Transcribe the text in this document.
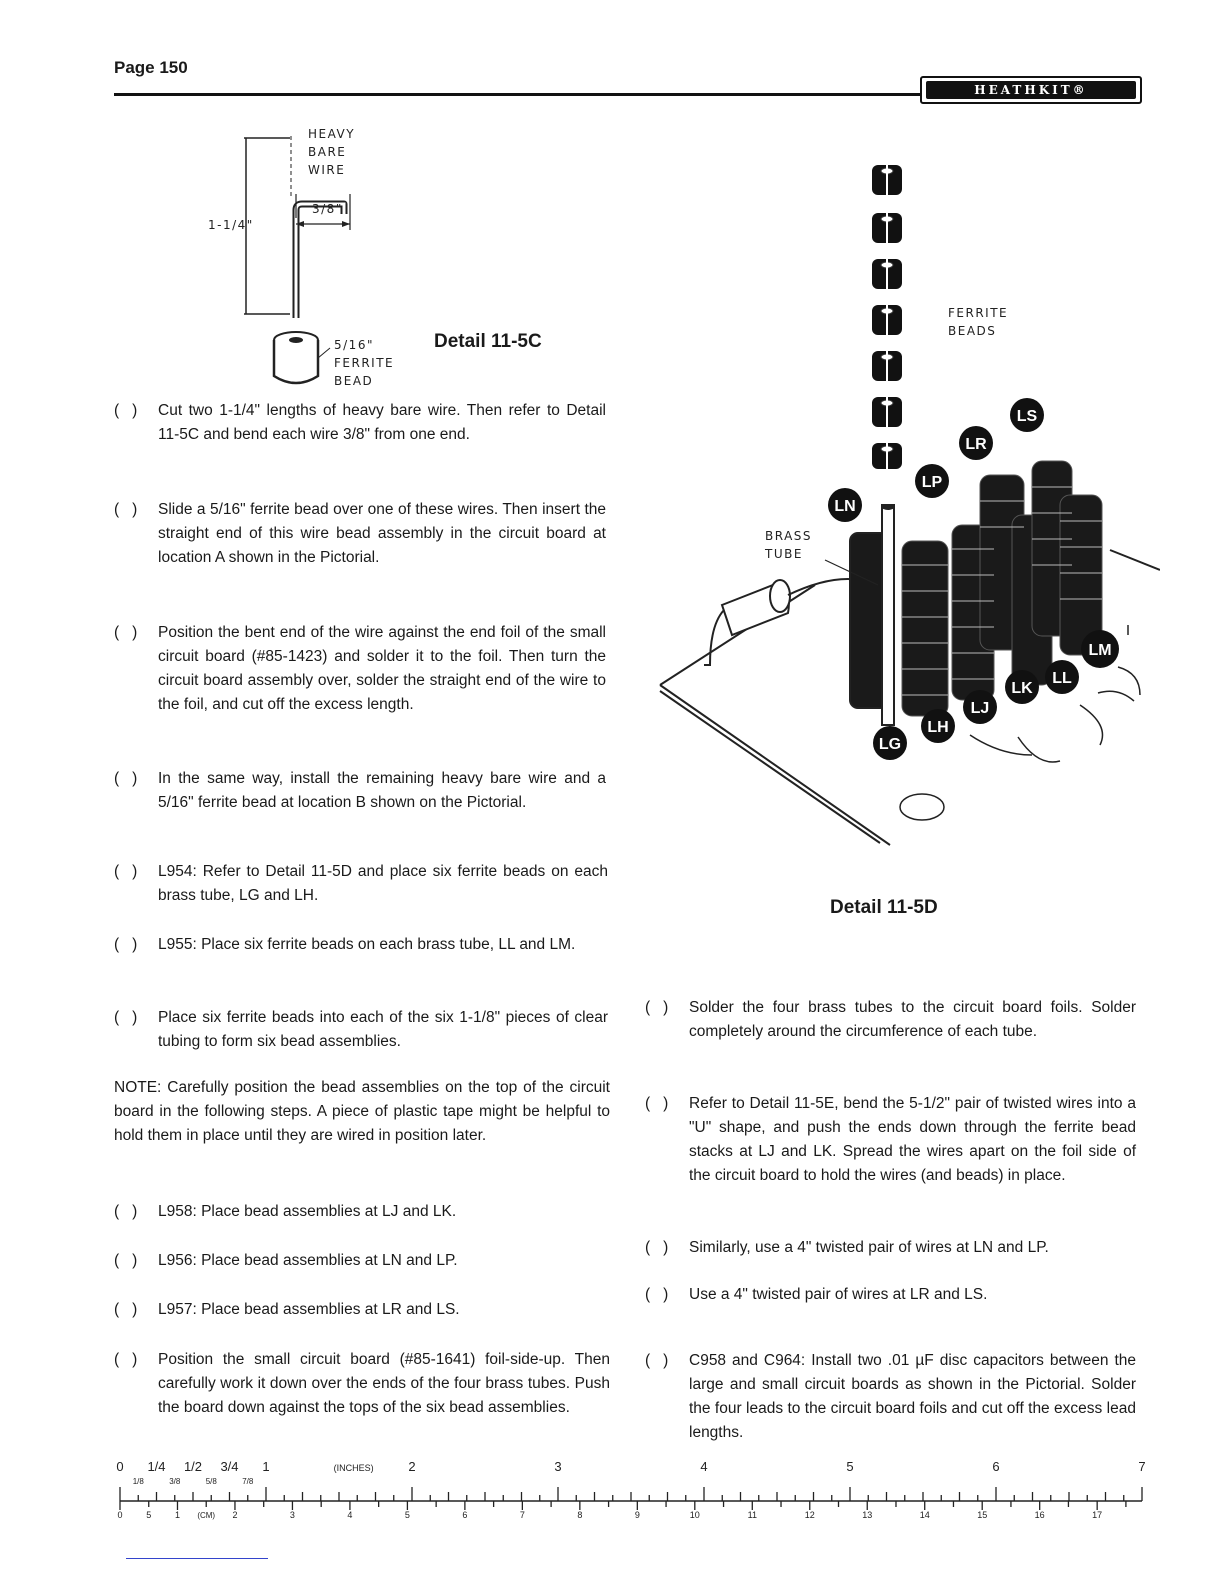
Page 150
HEATHKIT®
HEAVY
BARE
WIRE
1-1/4"
3/8"
5/16"
FERRITE
BEAD
Detail 11-5C
LS
LR
LP
LN
LM
LL
LK
LJ
LH
LG
FERRITE
BEADS
BRASS
TUBE
Detail 11-5D
(   )	Cut two 1-1/4" lengths of heavy bare wire. Then refer to Detail 11-5C and bend each wire 3/8" from one end.
(   )	Slide a 5/16" ferrite bead over one of these wires. Then insert the straight end of this wire bead assembly in the circuit board at location A shown in the Pictorial.
(   )	Position the bent end of the wire against the end foil of the small circuit board (#85-1423) and solder it to the foil. Then turn the circuit board assembly over, solder the straight end of the wire to the foil, and cut off the excess length.
(   )	In the same way, install the remaining heavy bare wire and a 5/16" ferrite bead at location B shown on the Pictorial.
(   )	L954: Refer to Detail 11-5D and place six ferrite beads on each brass tube, LG and LH.
(   )	L955: Place six ferrite beads on each brass tube, LL and LM.
(   )	Place six ferrite beads into each of the six 1-1/8" pieces of clear tubing to form six bead assemblies.
NOTE: Carefully position the bead assemblies on the top of the circuit board in the following steps. A piece of plastic tape might be helpful to hold them in place until they are wired in position later.
(   )	L958: Place bead assemblies at LJ and LK.
(   )	L956: Place bead assemblies at LN and LP.
(   )	L957: Place bead assemblies at LR and LS.
(   )	Position the small circuit board (#85-1641) foil-side-up. Then carefully work it down over the ends of the four brass tubes. Push the board down against the tops of the six bead assemblies.
(   )	Solder the four brass tubes to the circuit board foils. Solder completely around the circumference of each tube.
(   )	Refer to Detail 11-5E, bend the 5-1/2" pair of twisted wires into a "U" shape, and push the ends down through the ferrite bead stacks at LJ and LK. Spread the wires apart on the foil side of the circuit board to hold the wires (and beads) in place.
(   )	Similarly, use a 4" twisted pair of wires at LN and LP.
(   )	Use a 4" twisted pair of wires at LR and LS.
(   )	C958 and C964: Install two .01 µF disc capacitors between the large and small circuit boards as shown in the Pictorial. Solder the four leads to the circuit board foils and cut off the excess lead lengths.
0 1/4 1/2 3/4 1	(INCHES)	2	3	4	5	6	7
1/8	3/8	5/8	7/8
0	5	1 (CM) 2	3	4	5	6	7	8	9	10	11	12	13	14	15	16	17
